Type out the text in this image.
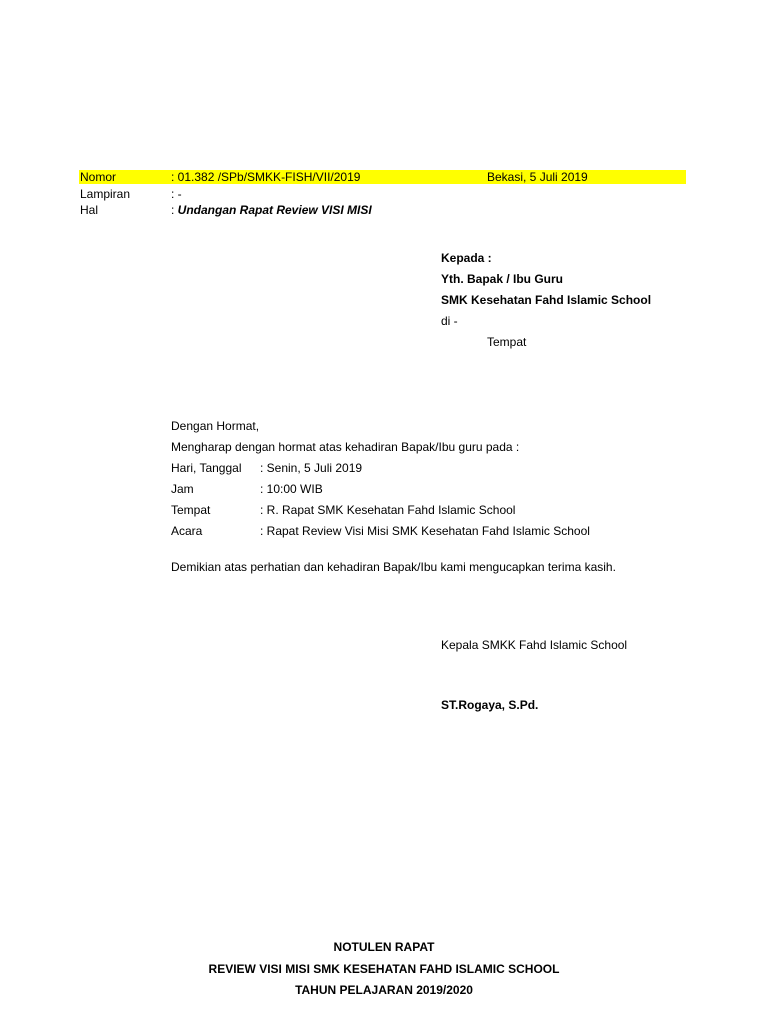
Nomor	: 01.382 /SPb/SMKK-FISH/VII/2019	Bekasi, 5 Juli 2019
Lampiran	: -
Hal	: Undangan Rapat Review VISI MISI
Kepada :
Yth. Bapak / Ibu Guru
SMK Kesehatan Fahd Islamic School
di -
Tempat
Dengan Hormat,
Mengharap dengan hormat atas kehadiran Bapak/Ibu guru pada :
Hari, Tanggal : Senin, 5 Juli 2019
Jam	: 10:00 WIB
Tempat	: R. Rapat SMK Kesehatan Fahd Islamic School
Acara	: Rapat Review Visi Misi SMK Kesehatan Fahd Islamic School
Demikian atas perhatian dan kehadiran Bapak/Ibu kami mengucapkan terima kasih.
Kepala SMKK Fahd Islamic School
ST.Rogaya, S.Pd.
NOTULEN RAPAT
REVIEW VISI MISI SMK KESEHATAN FAHD ISLAMIC SCHOOL
TAHUN PELAJARAN 2019/2020
